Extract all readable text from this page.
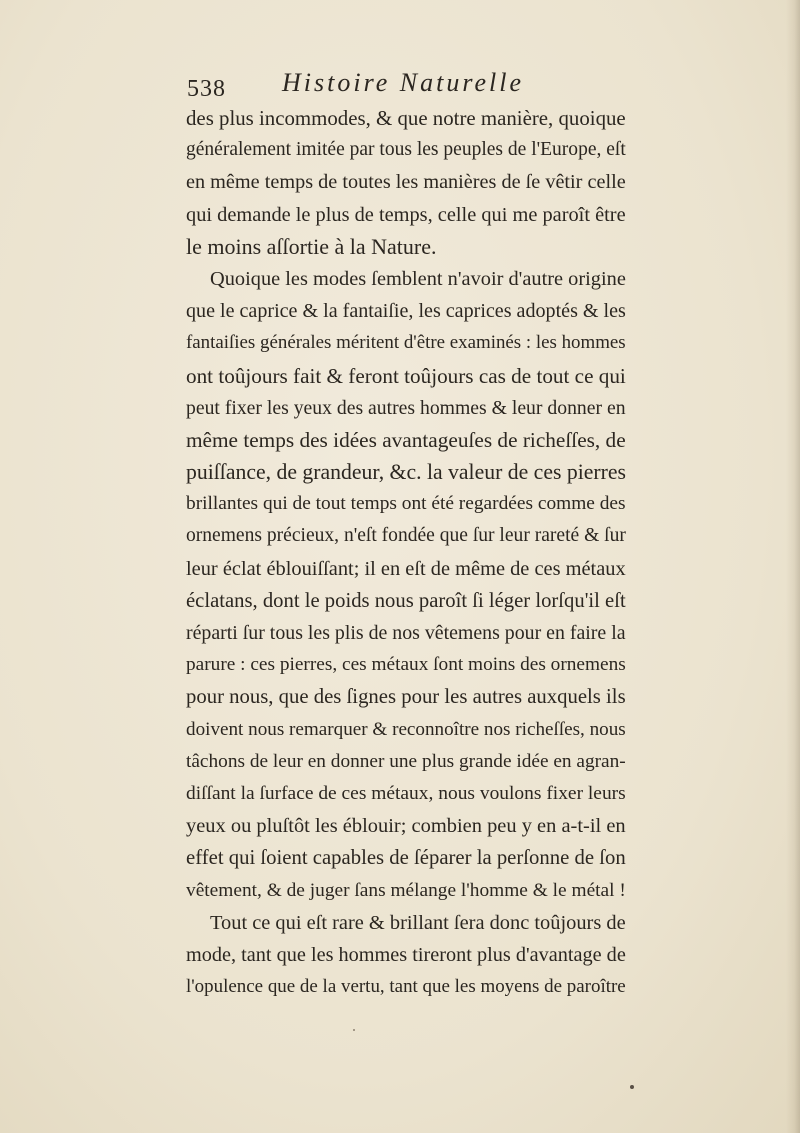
538 Histoire Naturelle
des plus incommodes, & que notre manière, quoique
généralement imitée par tous les peuples de l'Europe, eſt
en même temps de toutes les manières de ſe vêtir celle
qui demande le plus de temps, celle qui me paroît être
le moins aſſortie à la Nature.
Quoique les modes ſemblent n'avoir d'autre origine
que le caprice & la fantaiſie, les caprices adoptés & les
fantaiſies générales méritent d'être examinés : les hommes
ont toûjours fait & feront toûjours cas de tout ce qui
peut fixer les yeux des autres hommes & leur donner en
même temps des idées avantageuſes de richeſſes, de
puiſſance, de grandeur, &c. la valeur de ces pierres
brillantes qui de tout temps ont été regardées comme des
ornemens précieux, n'eſt fondée que ſur leur rareté & ſur
leur éclat éblouiſſant; il en eſt de même de ces métaux
éclatans, dont le poids nous paroît ſi léger lorſqu'il eſt
réparti ſur tous les plis de nos vêtemens pour en faire la
parure : ces pierres, ces métaux ſont moins des ornemens
pour nous, que des ſignes pour les autres auxquels ils
doivent nous remarquer & reconnoître nos richeſſes, nous
tâchons de leur en donner une plus grande idée en agran-
diſſant la ſurface de ces métaux, nous voulons fixer leurs
yeux ou pluſtôt les éblouir; combien peu y en a-t-il en
effet qui ſoient capables de ſéparer la perſonne de ſon
vêtement, & de juger ſans mélange l'homme & le métal !
Tout ce qui eſt rare & brillant ſera donc toûjours de
mode, tant que les hommes tireront plus d'avantage de
l'opulence que de la vertu, tant que les moyens de paroître
